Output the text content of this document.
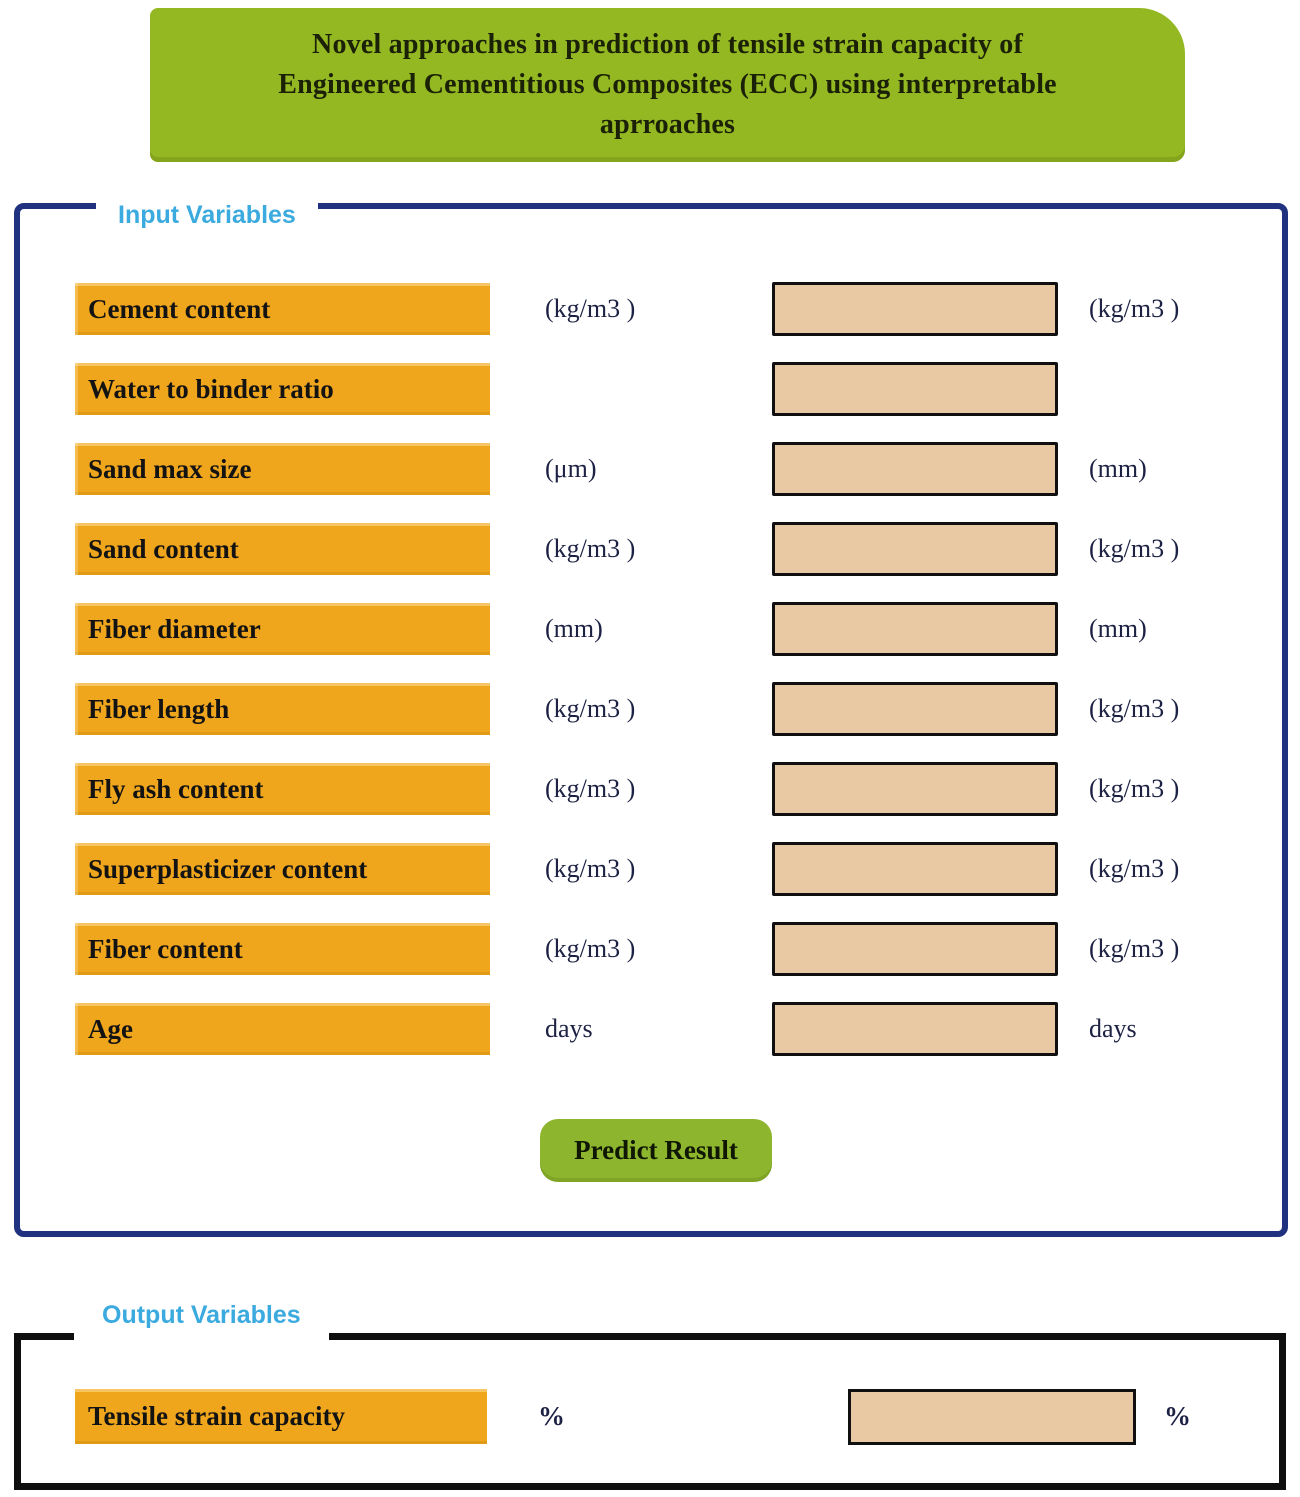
Novel approaches in prediction of tensile strain capacity of
Engineered Cementitious Composites (ECC) using interpretable
aprroaches
Input Variables
Cement content	(kg/m3 )	(kg/m3 )
Water to binder ratio
Sand max size	(μm)	(mm)
Sand content	(kg/m3 )	(kg/m3 )
Fiber diameter	(mm)	(mm)
Fiber length	(kg/m3 )	(kg/m3 )
Fly ash content	(kg/m3 )	(kg/m3 )
Superplasticizer content	(kg/m3 )	(kg/m3 )
Fiber content	(kg/m3 )	(kg/m3 )
Age	days	days
Predict Result
Output Variables
Tensile strain capacity	%	%
